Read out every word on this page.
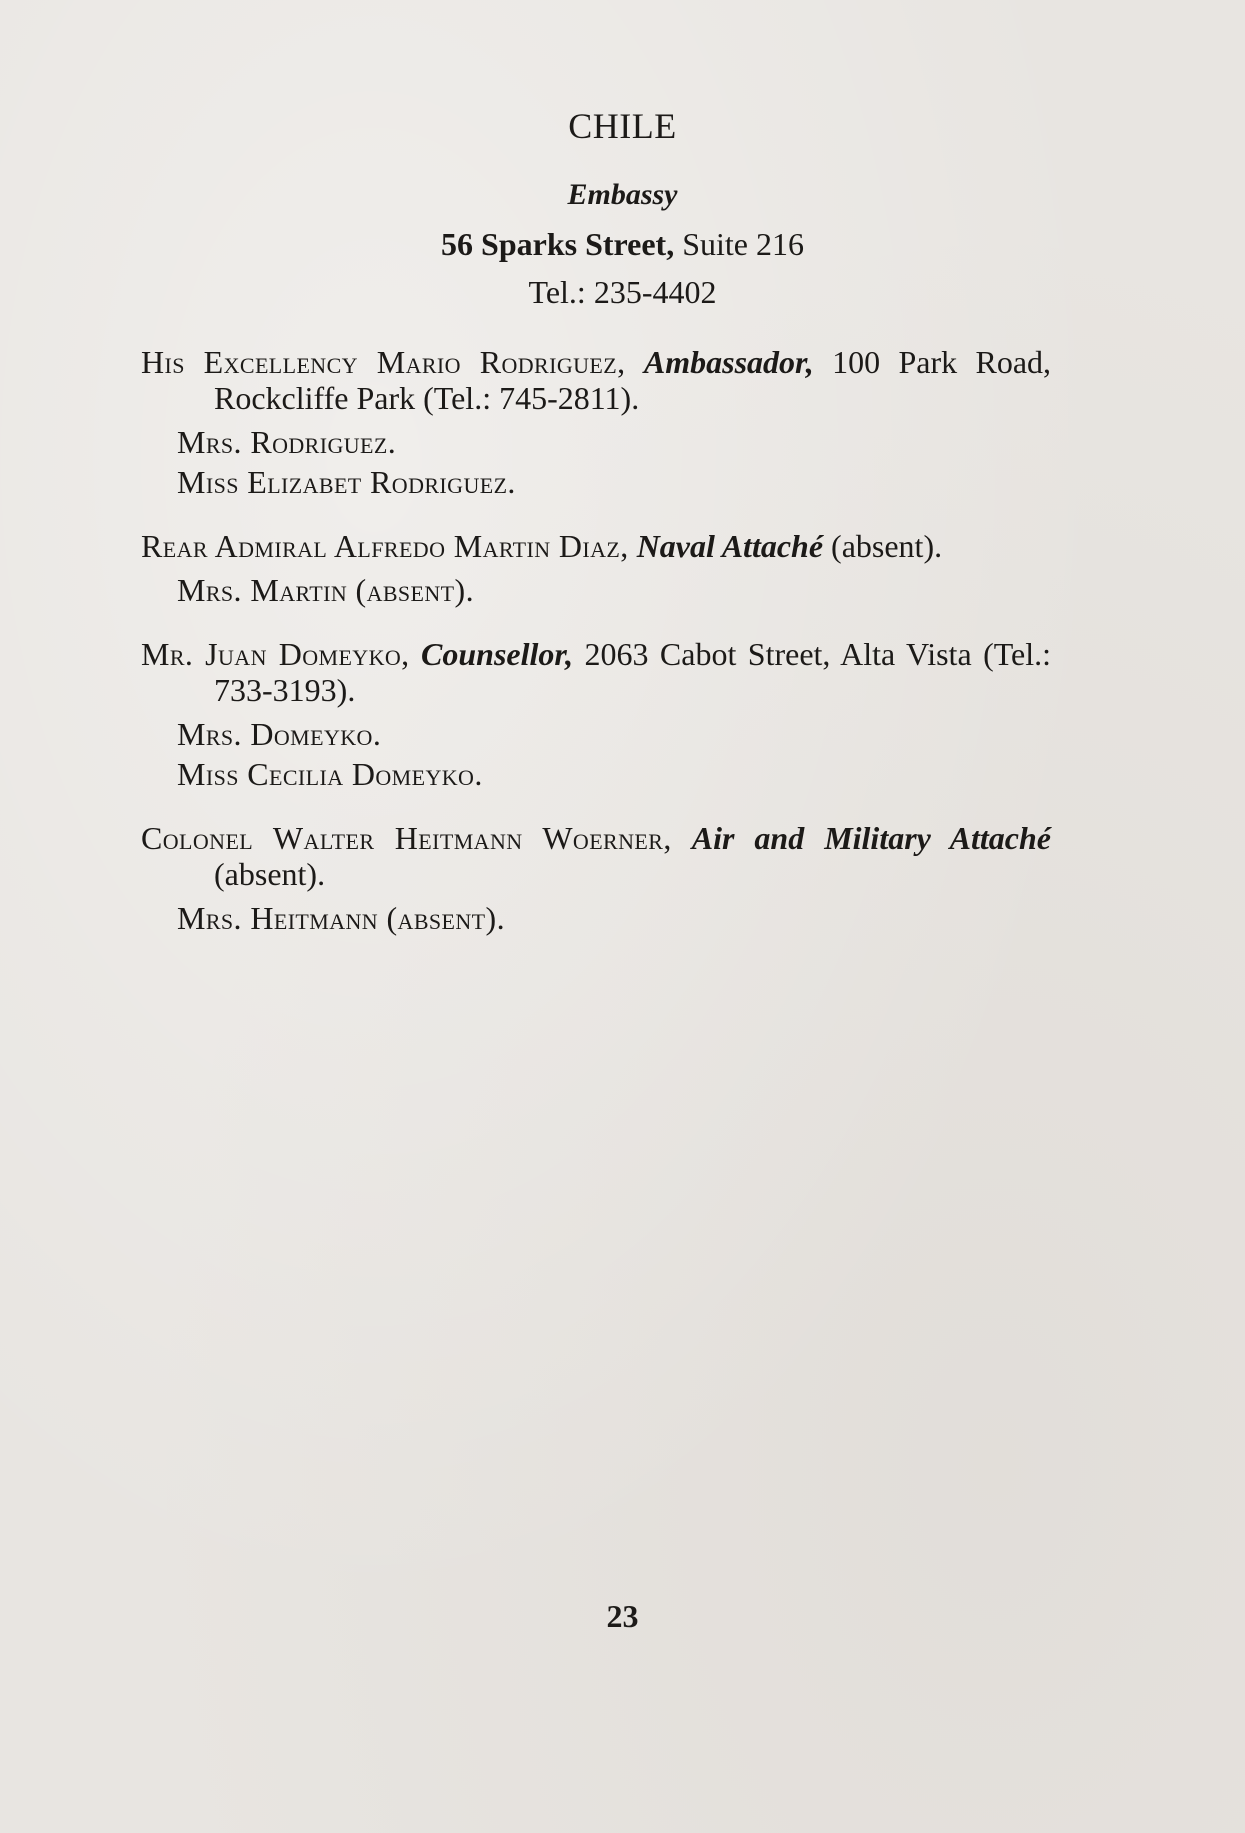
CHILE
Embassy
56 Sparks Street, Suite 216
Tel.: 235-4402
His Excellency Mario Rodriguez, Ambassador, 100 Park Road, Rockcliffe Park (Tel.: 745-2811).
Mrs. Rodriguez.
Miss Elizabet Rodriguez.
Rear Admiral Alfredo Martin Diaz, Naval Attaché (absent).
Mrs. Martin (absent).
Mr. Juan Domeyko, Counsellor, 2063 Cabot Street, Alta Vista (Tel.: 733-3193).
Mrs. Domeyko.
Miss Cecilia Domeyko.
Colonel Walter Heitmann Woerner, Air and Military Attaché (absent).
Mrs. Heitmann (absent).
23
